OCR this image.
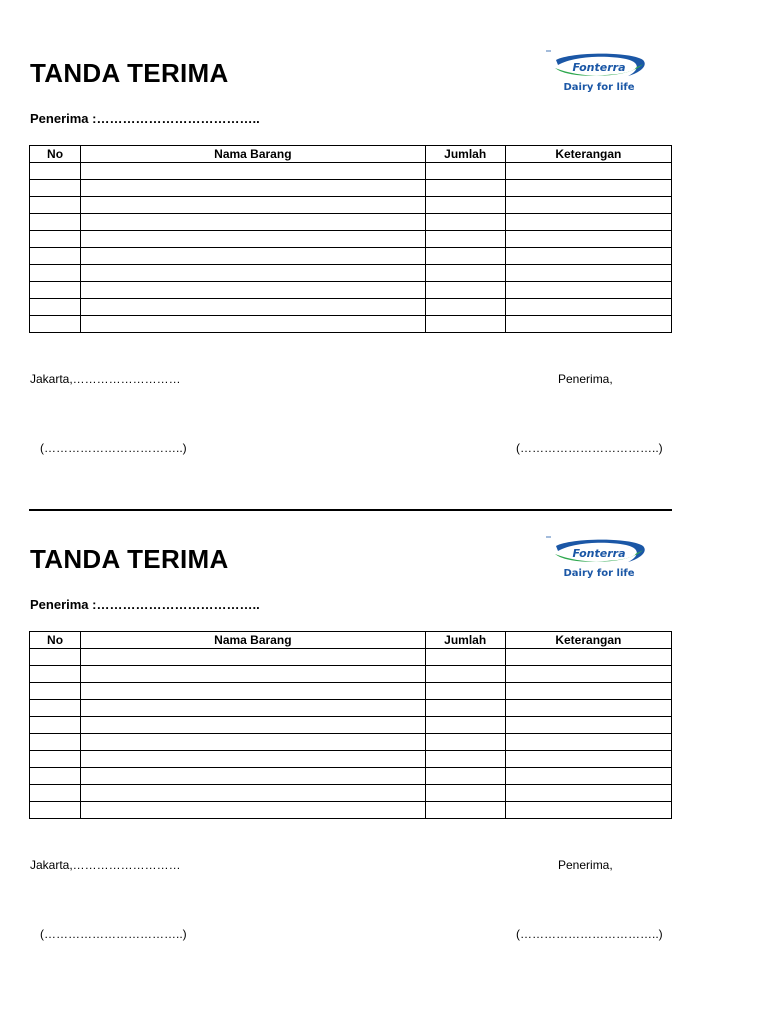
TANDA TERIMA	Fonterra
Dairy for life
Penerima :………………………………..
No	Nama Barang	Jumlah	Keterangan

Jakarta,………………………	Penerima,
(……………………………..)	(……………………………..)
TANDA TERIMA	Fonterra
Dairy for life
Penerima :………………………………..
No	Nama Barang	Jumlah	Keterangan

Jakarta,………………………	Penerima,
(……………………………..)	(……………………………..)
